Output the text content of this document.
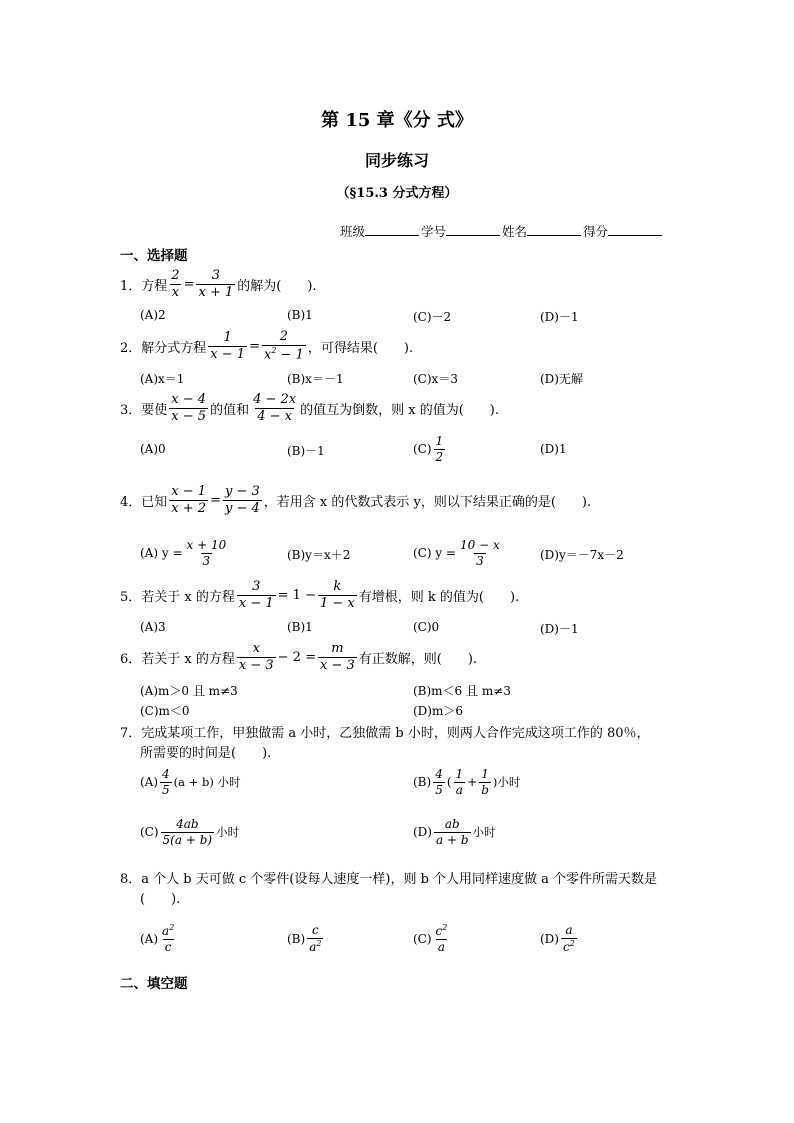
第 15 章《分 式》
同步练习
（§15.3 分式方程）
班级	学号	姓名	得分
一、选择题
1． 方程 $\frac{2}{x} = \frac{3}{x + 1}$ 的解为(　　).
(A)2	(B)1	(C)－2	(D)－1
2． 解分式方程 $\frac{1}{x - 1} = \frac{2}{x^2 - 1}$ ，可得结果(　　).
(A)x＝1	(B)x＝－1	(C)x＝3	(D)无解
3． 要使 $\frac{x - 4}{x - 5}$ 的值和 $\frac{4 - 2x}{4 - x}$ 的值互为倒数，则 x 的值为(　　).
(A)0	(B)－1	$(C) \frac{1}{2}$	(D)1
4． 已知 $\frac{x - 1}{x + 2} = \frac{y - 3}{y - 4}$ ，若用含 x 的代数式表示 y，则以下结果正确的是(　　).
(A) $y = \frac{x + 10}{3}$	(B)y＝x＋2	(C) $y = \frac{10 - x}{3}$	(D)y＝－7x－2
5． 若关于 x 的方程 $\frac{3}{x - 1} = 1 - \frac{k}{1 - x}$ 有增根，则 k 的值为(　　).
(A)3	(B)1	(C)0	(D)－1
6． 若关于 x 的方程 $\frac{x}{x - 3} - 2 = \frac{m}{x - 3}$ 有正数解，则(　　).
(A)m＞0 且 m≠3	(B)m＜6 且 m≠3
(C)m＜0	(D)m＞6
7． 完成某项工作，甲独做需 a 小时，乙独做需 b 小时，则两人合作完成这项工作的 80％，
所需要的时间是(　　).
$(A) \frac{4}{5} (a + b)$ 小时	$(B) \frac{4}{5}$ ( $\frac{1}{a} + \frac{1}{b}$ )小时
$(C) \frac{4ab}{5(a + b)}$ 小时	$(D) \frac{ab}{a + b}$ 小时
8． a 个人 b 天可做 c 个零件(设每人速度一样)，则 b 个人用同样速度做 a 个零件所需天数是
(　　).
$(A) \frac{a^2}{c}$	$(B) \frac{c}{a^2}$	$(C) \frac{c^2}{a}$	$(D) \frac{a}{c^2}$
二、填空题
